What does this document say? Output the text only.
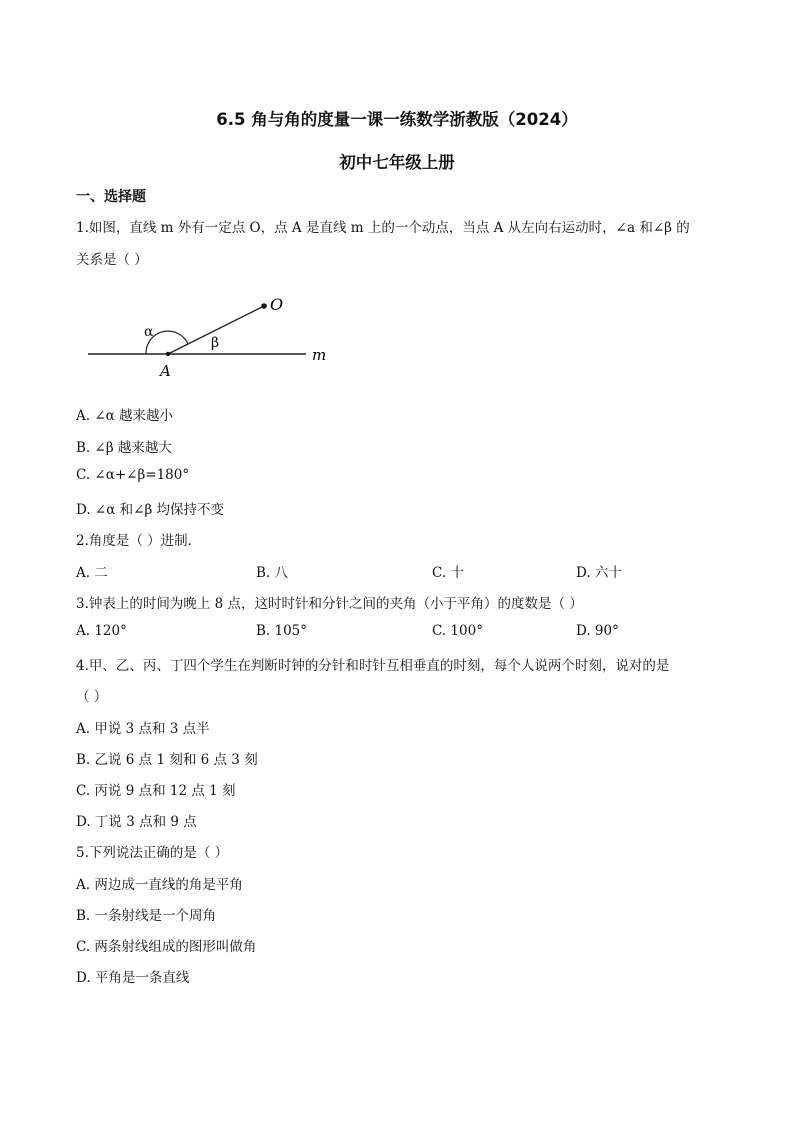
6.5 角与角的度量一课一练数学浙教版（2024）
初中七年级上册
一、选择题
1.如图，直线 m 外有一定点 O，点 A 是直线 m 上的一个动点，当点 A 从左向右运动时，∠a 和∠β 的
关系是（ ）
O
A
m
α
β
A. ∠α 越来越小
B. ∠β 越来越大
C. ∠α+∠β=180°
D. ∠α 和∠β 均保持不变
2.角度是（ ）进制．
A. 二	B. 八	C. 十	D. 六十
3.钟表上的时间为晚上 8 点，这时时针和分针之间的夹角（小于平角）的度数是（ ）
A. 120°	B. 105°	C. 100°	D. 90°
4.甲、乙、丙、丁四个学生在判断时钟的分针和时针互相垂直的时刻，每个人说两个时刻，说对的是
（ ）
A. 甲说 3 点和 3 点半
B. 乙说 6 点 1 刻和 6 点 3 刻
C. 丙说 9 点和 12 点 1 刻
D. 丁说 3 点和 9 点
5.下列说法正确的是（ ）
A. 两边成一直线的角是平角
B. 一条射线是一个周角
C. 两条射线组成的图形叫做角
D. 平角是一条直线
